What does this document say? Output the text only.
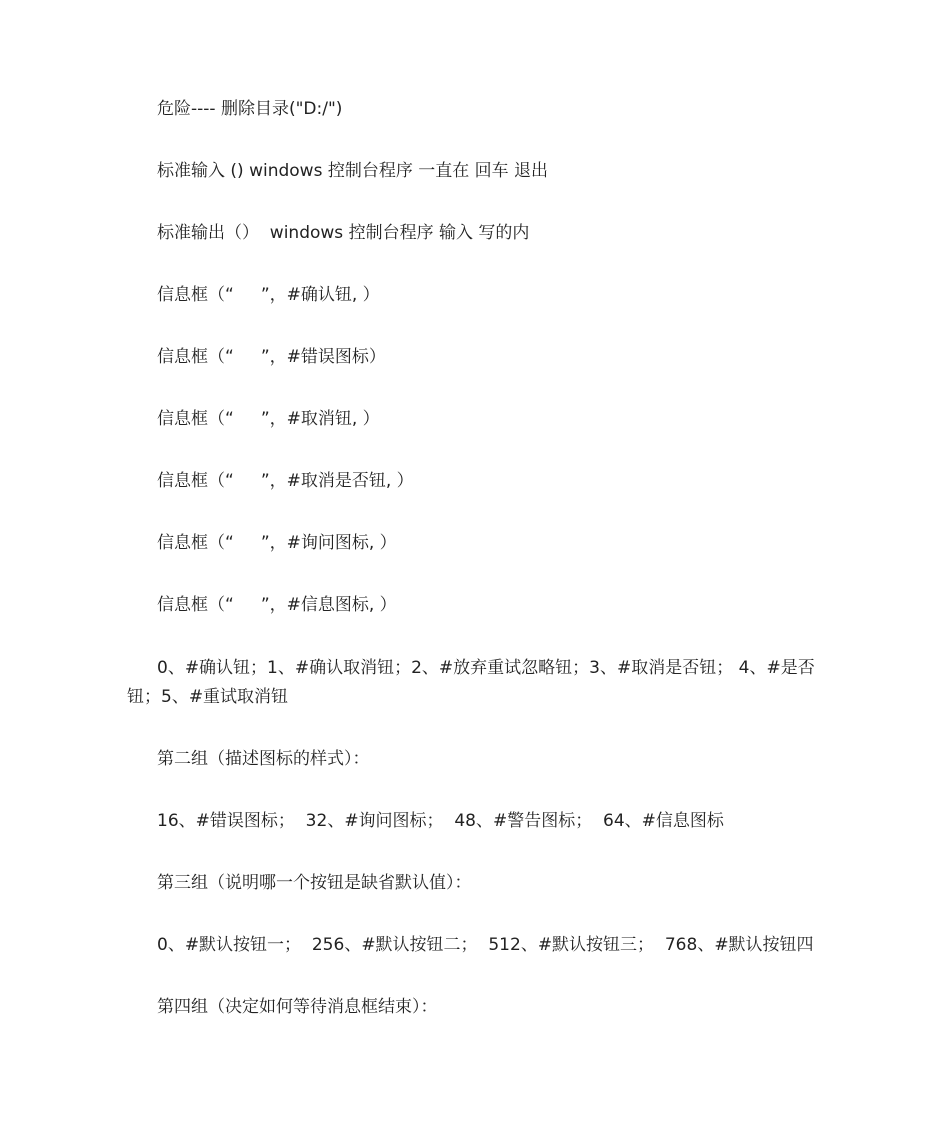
危险---- 删除目录("D:/")
标准输入 () windows 控制台程序 一直在 回车 退出
标准输出（）  windows 控制台程序 输入 写的内
信息框（“     ”，#确认钮, ）
信息框（“     ”，#错误图标）
信息框（“     ”，#取消钮, ）
信息框（“     ”，#取消是否钮, ）
信息框（“     ”，#询问图标, ）
信息框（“     ”，#信息图标, ）
0、#确认钮；1、#确认取消钮；2、#放弃重试忽略钮；3、#取消是否钮； 4、#是否钮；5、#重试取消钮
第二组（描述图标的样式）：
16、#错误图标；  32、#询问图标；  48、#警告图标；  64、#信息图标
第三组（说明哪一个按钮是缺省默认值）：
0、#默认按钮一；  256、#默认按钮二；  512、#默认按钮三；  768、#默认按钮四
第四组（决定如何等待消息框结束）：
